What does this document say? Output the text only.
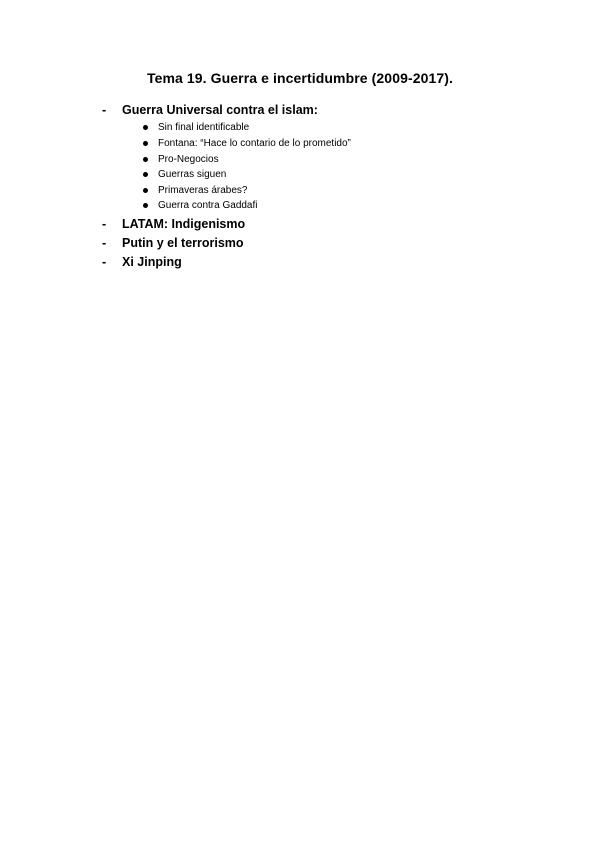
Tema 19. Guerra e incertidumbre (2009-2017).
-	Guerra Universal contra el islam:
Sin final identificable
Fontana: “Hace lo contario de lo prometido”
Pro-Negocios
Guerras siguen
Primaveras árabes?
Guerra contra Gaddafi
-	LATAM: Indigenismo
-	Putin y el terrorismo
-	Xi Jinping
